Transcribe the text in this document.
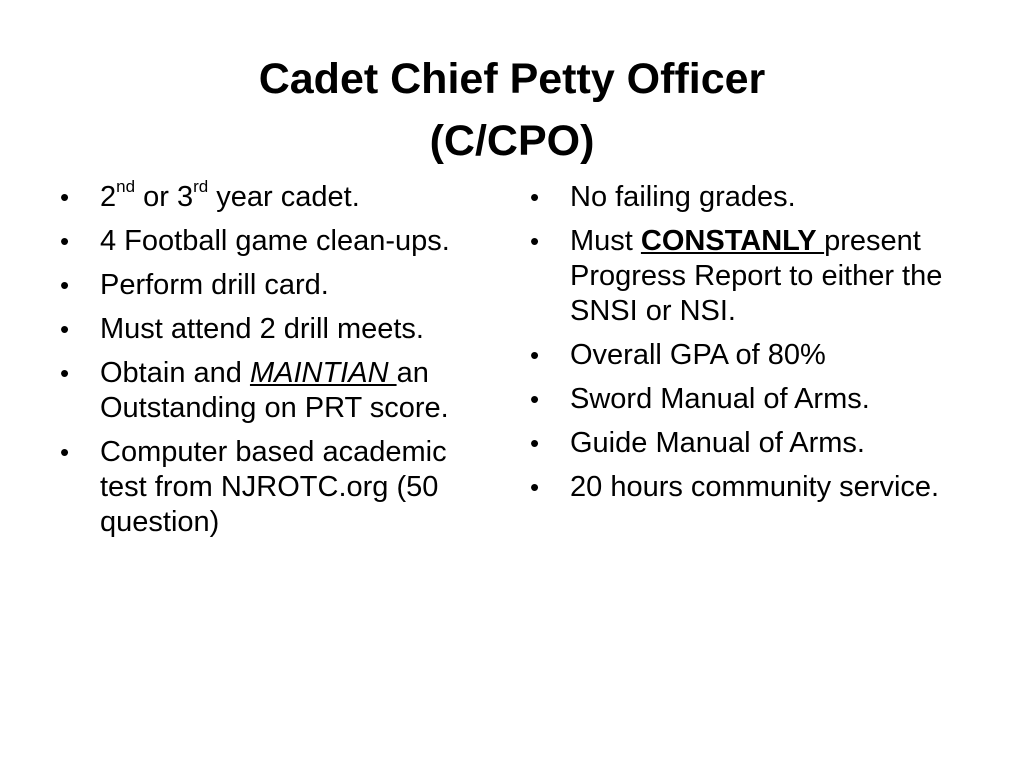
Cadet Chief Petty Officer
(C/CPO)
• 2nd or 3rd year cadet.
• 4 Football game clean-ups.
• Perform drill card.
• Must attend 2 drill meets.
• Obtain and MAINTIAN an Outstanding on PRT score.
• Computer based academic test from NJROTC.org (50 question)
• No failing grades.
• Must CONSTANLY present Progress Report to either the SNSI or NSI.
• Overall GPA of 80%
• Sword Manual of Arms.
• Guide Manual of Arms.
• 20 hours community service.
